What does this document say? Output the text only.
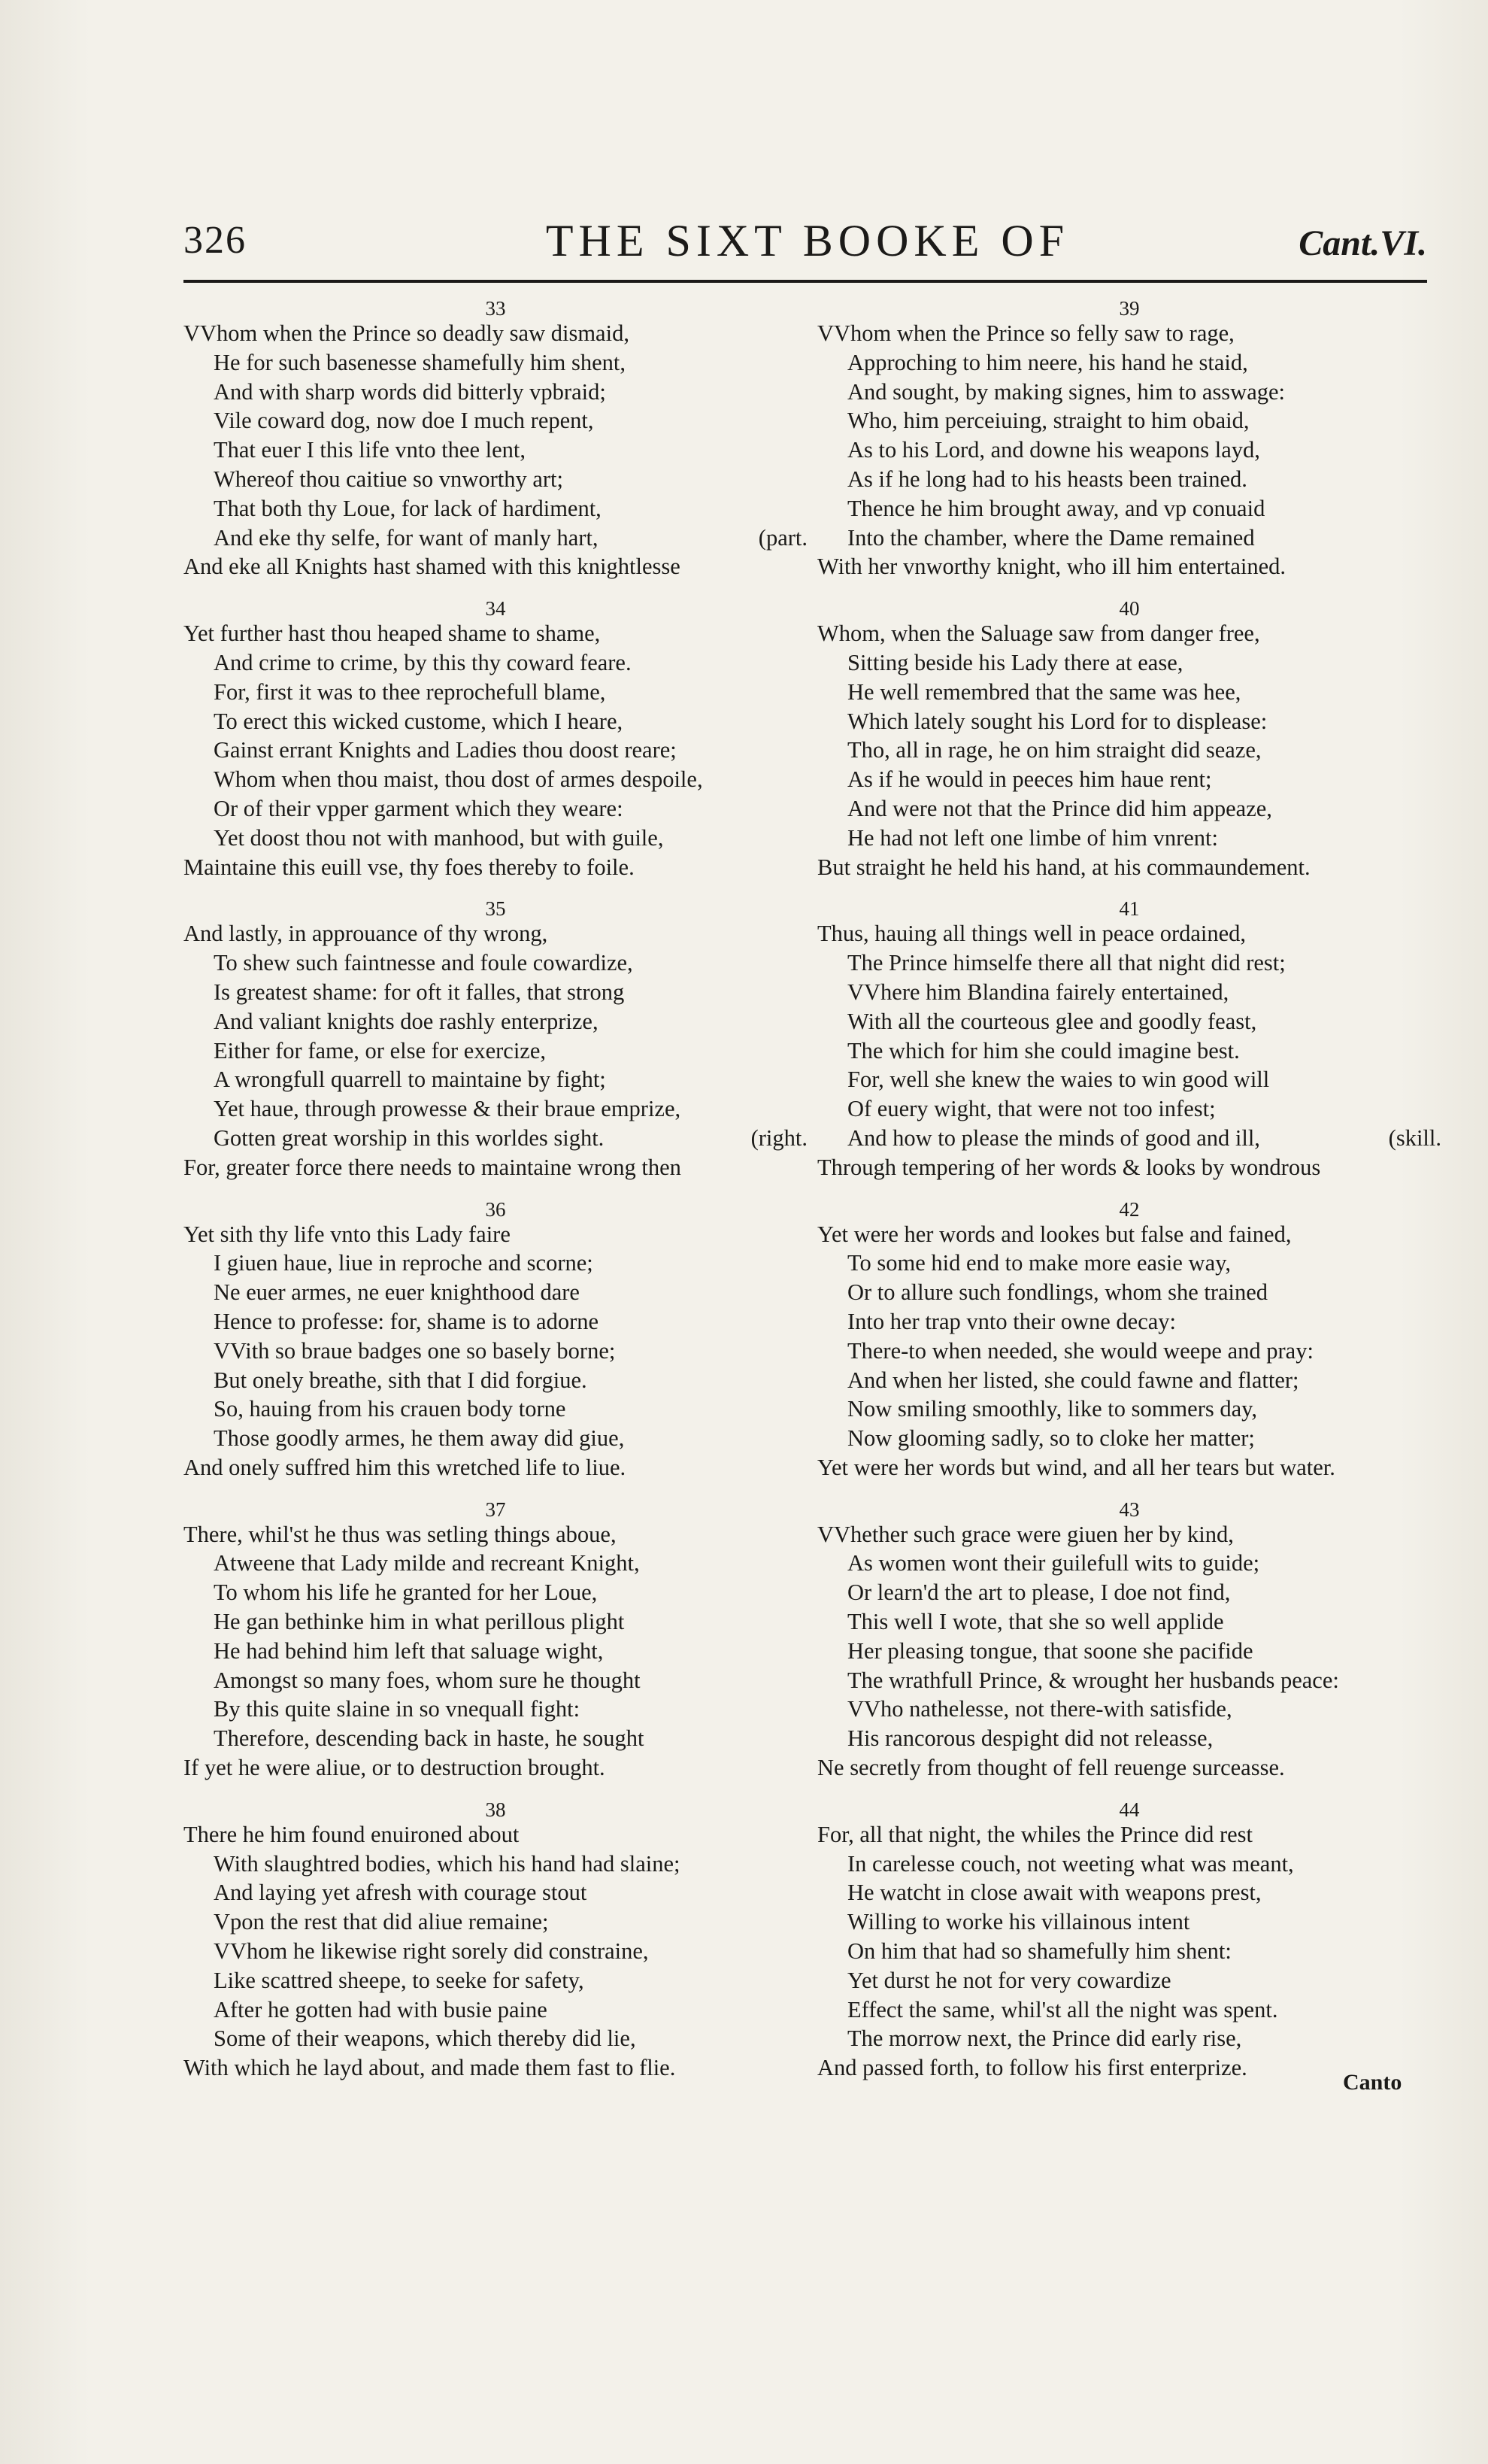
326	THE SIXT BOOKE OF	Cant.VI.
33
VVhom when the Prince so deadly saw dismaid,
He for such basenesse shamefully him shent,
And with sharp words did bitterly vpbraid;
Vile coward dog, now doe I much repent,
That euer I this life vnto thee lent,
Whereof thou caitiue so vnworthy art;
That both thy Loue, for lack of hardiment,
And eke thy selfe, for want of manly hart,	(part.
And eke all Knights hast shamed with this knightlesse
34
Yet further hast thou heaped shame to shame,
And crime to crime, by this thy coward feare.
For, first it was to thee reprochefull blame,
To erect this wicked custome, which I heare,
Gainst errant Knights and Ladies thou doost reare;
Whom when thou maist, thou dost of armes despoile,
Or of their vpper garment which they weare:
Yet doost thou not with manhood, but with guile,
Maintaine this euill vse, thy foes thereby to foile.
35
And lastly, in approuance of thy wrong,
To shew such faintnesse and foule cowardize,
Is greatest shame: for oft it falles, that strong
And valiant knights doe rashly enterprize,
Either for fame, or else for exercize,
A wrongfull quarrell to maintaine by fight;
Yet haue, through prowesse & their braue emprize,
Gotten great worship in this worldes sight.	(right.
For, greater force there needs to maintaine wrong then
36
Yet sith thy life vnto this Lady faire
I giuen haue, liue in reproche and scorne;
Ne euer armes, ne euer knighthood dare
Hence to professe: for, shame is to adorne
VVith so braue badges one so basely borne;
But onely breathe, sith that I did forgiue.
So, hauing from his crauen body torne
Those goodly armes, he them away did giue,
And onely suffred him this wretched life to liue.
37
There, whil'st he thus was setling things aboue,
Atweene that Lady milde and recreant Knight,
To whom his life he granted for her Loue,
He gan bethinke him in what perillous plight
He had behind him left that saluage wight,
Amongst so many foes, whom sure he thought
By this quite slaine in so vnequall fight:
Therefore, descending back in haste, he sought
If yet he were aliue, or to destruction brought.
38
There he him found enuironed about
With slaughtred bodies, which his hand had slaine;
And laying yet afresh with courage stout
Vpon the rest that did aliue remaine;
VVhom he likewise right sorely did constraine,
Like scattred sheepe, to seeke for safety,
After he gotten had with busie paine
Some of their weapons, which thereby did lie,
With which he layd about, and made them fast to flie.
39
VVhom when the Prince so felly saw to rage,
Approching to him neere, his hand he staid,
And sought, by making signes, him to asswage:
Who, him perceiuing, straight to him obaid,
As to his Lord, and downe his weapons layd,
As if he long had to his heasts been trained.
Thence he him brought away, and vp conuaid
Into the chamber, where the Dame remained
With her vnworthy knight, who ill him entertained.
40
Whom, when the Saluage saw from danger free,
Sitting beside his Lady there at ease,
He well remembred that the same was hee,
Which lately sought his Lord for to displease:
Tho, all in rage, he on him straight did seaze,
As if he would in peeces him haue rent;
And were not that the Prince did him appeaze,
He had not left one limbe of him vnrent:
But straight he held his hand, at his commaundement.
41
Thus, hauing all things well in peace ordained,
The Prince himselfe there all that night did rest;
VVhere him Blandina fairely entertained,
With all the courteous glee and goodly feast,
The which for him she could imagine best.
For, well she knew the waies to win good will
Of euery wight, that were not too infest;
And how to please the minds of good and ill,	(skill.
Through tempering of her words & looks by wondrous
42
Yet were her words and lookes but false and fained,
To some hid end to make more easie way,
Or to allure such fondlings, whom she trained
Into her trap vnto their owne decay:
There-to when needed, she would weepe and pray:
And when her listed, she could fawne and flatter;
Now smiling smoothly, like to sommers day,
Now glooming sadly, so to cloke her matter;
Yet were her words but wind, and all her tears but water.
43
VVhether such grace were giuen her by kind,
As women wont their guilefull wits to guide;
Or learn'd the art to please, I doe not find,
This well I wote, that she so well applide
Her pleasing tongue, that soone she pacifide
The wrathfull Prince, & wrought her husbands peace:
VVho nathelesse, not there-with satisfide,
His rancorous despight did not releasse,
Ne secretly from thought of fell reuenge surceasse.
44
For, all that night, the whiles the Prince did rest
In carelesse couch, not weeting what was meant,
He watcht in close await with weapons prest,
Willing to worke his villainous intent
On him that had so shamefully him shent:
Yet durst he not for very cowardize
Effect the same, whil'st all the night was spent.
The morrow next, the Prince did early rise,
And passed forth, to follow his first enterprize.
Canto
